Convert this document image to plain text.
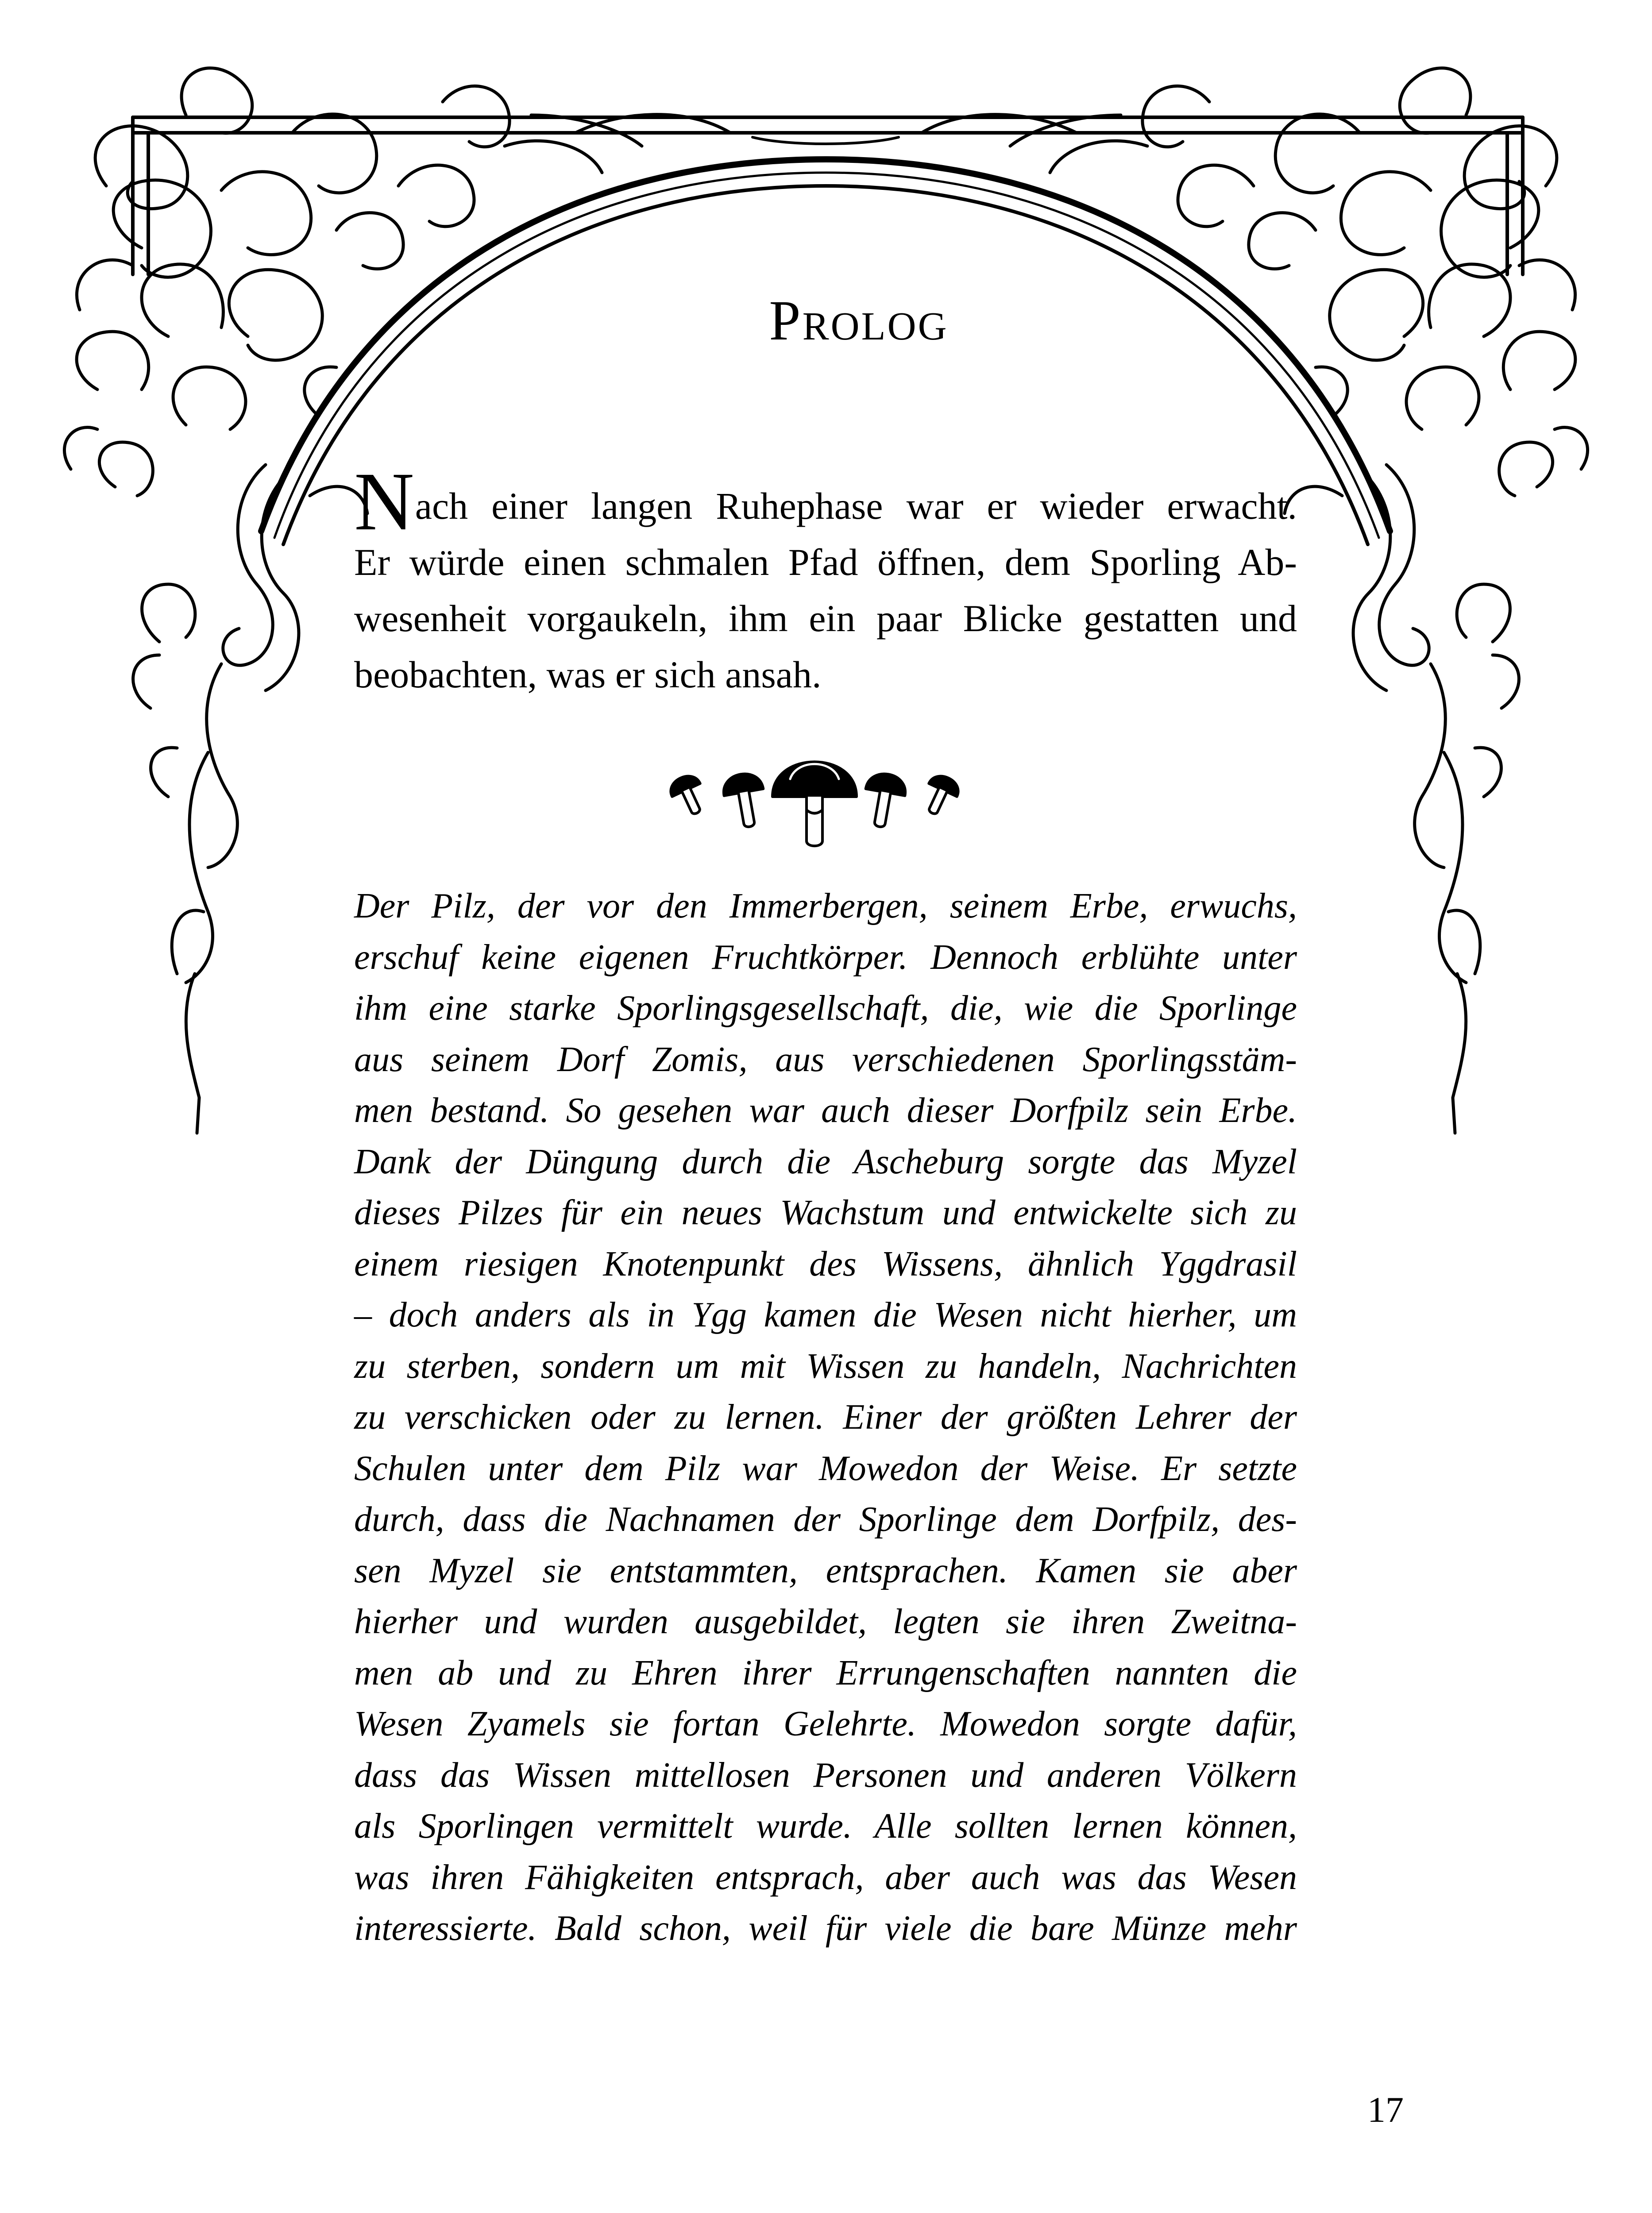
Prolog
Nach einer langen Ruhephase war er wieder erwacht.
Er würde einen schmalen Pfad öffnen, dem Sporling Ab-
wesenheit vorgaukeln, ihm ein paar Blicke gestatten und
beobachten, was er sich ansah.
Der Pilz, der vor den Immerbergen, seinem Erbe, erwuchs,
erschuf keine eigenen Fruchtkörper. Dennoch erblühte unter
ihm eine starke Sporlingsgesellschaft, die, wie die Sporlinge
aus seinem Dorf Zomis, aus verschiedenen Sporlingsstäm-
men bestand. So gesehen war auch dieser Dorfpilz sein Erbe.
Dank der Düngung durch die Ascheburg sorgte das Myzel
dieses Pilzes für ein neues Wachstum und entwickelte sich zu
einem riesigen Knotenpunkt des Wissens, ähnlich Yggdrasil
– doch anders als in Ygg kamen die Wesen nicht hierher, um
zu sterben, sondern um mit Wissen zu handeln, Nachrichten
zu verschicken oder zu lernen. Einer der größten Lehrer der
Schulen unter dem Pilz war Mowedon der Weise. Er setzte
durch, dass die Nachnamen der Sporlinge dem Dorfpilz, des-
sen Myzel sie entstammten, entsprachen. Kamen sie aber
hierher und wurden ausgebildet, legten sie ihren Zweitna-
men ab und zu Ehren ihrer Errungenschaften nannten die
Wesen Zyamels sie fortan Gelehrte. Mowedon sorgte dafür,
dass das Wissen mittellosen Personen und anderen Völkern
als Sporlingen vermittelt wurde. Alle sollten lernen können,
was ihren Fähigkeiten entsprach, aber auch was das Wesen
interessierte. Bald schon, weil für viele die bare Münze mehr
17
